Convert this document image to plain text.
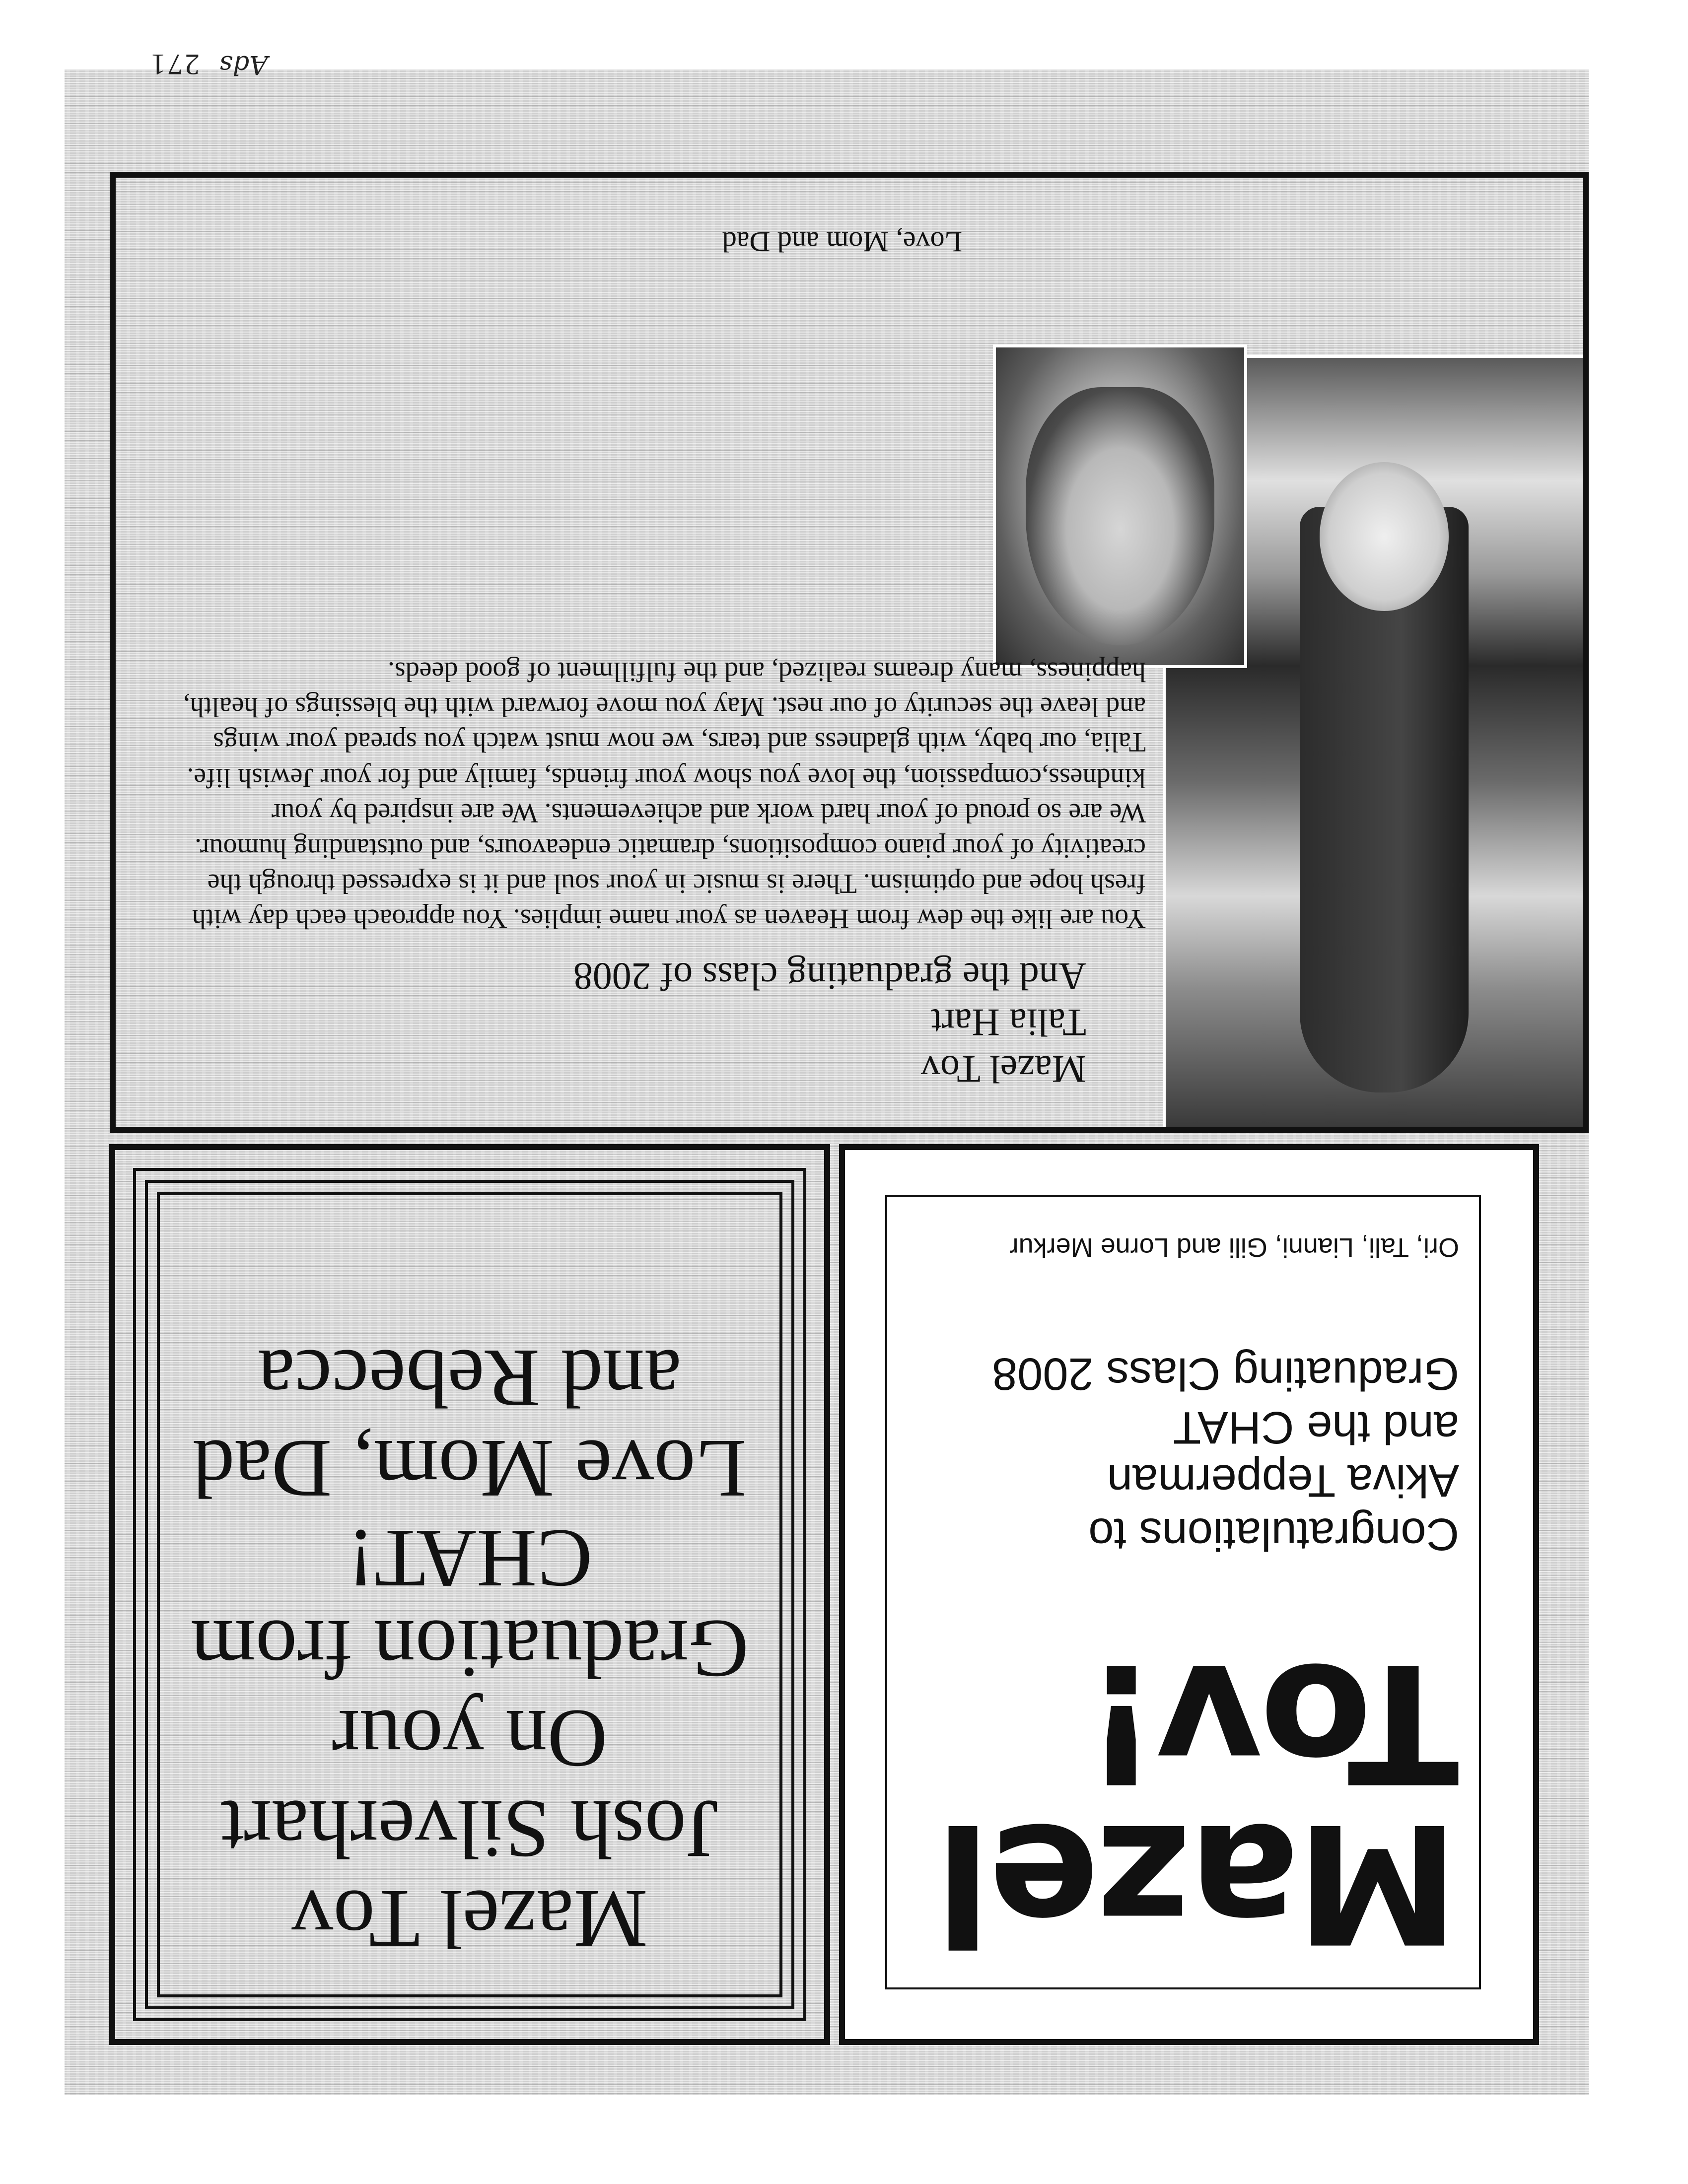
Ads
271

Mazel
Tov!

Congratulations to
Akiva Tepperman
and the CHAT
Graduating Class 2008

Ori, Tali, Lianni, Gili and Lorne Merkur

Mazel Tov
Josh Silverhart
On your
Graduation from
CHAT!
Love Mom, Dad
and Rebecca

Mazel Tov
Talia Hart
And the graduating class of 2008

You are like the dew from Heaven as your name implies. You approach each day with fresh hope and optimism. There is music in your soul and it is expressed through the creativity of your piano compositions, dramatic endeavours, and outstanding humour. We are so proud of your hard work and achievements. We are inspired by your kindness,compassion, the love you show your friends, family and for your Jewish life. Talia, our baby, with gladness and tears, we now must watch you spread your wings and leave the security of our nest. May you move forward with the blessings of health, happiness, many dreams realized, and the fulfillment of good deeds.

Love, Mom and Dad
